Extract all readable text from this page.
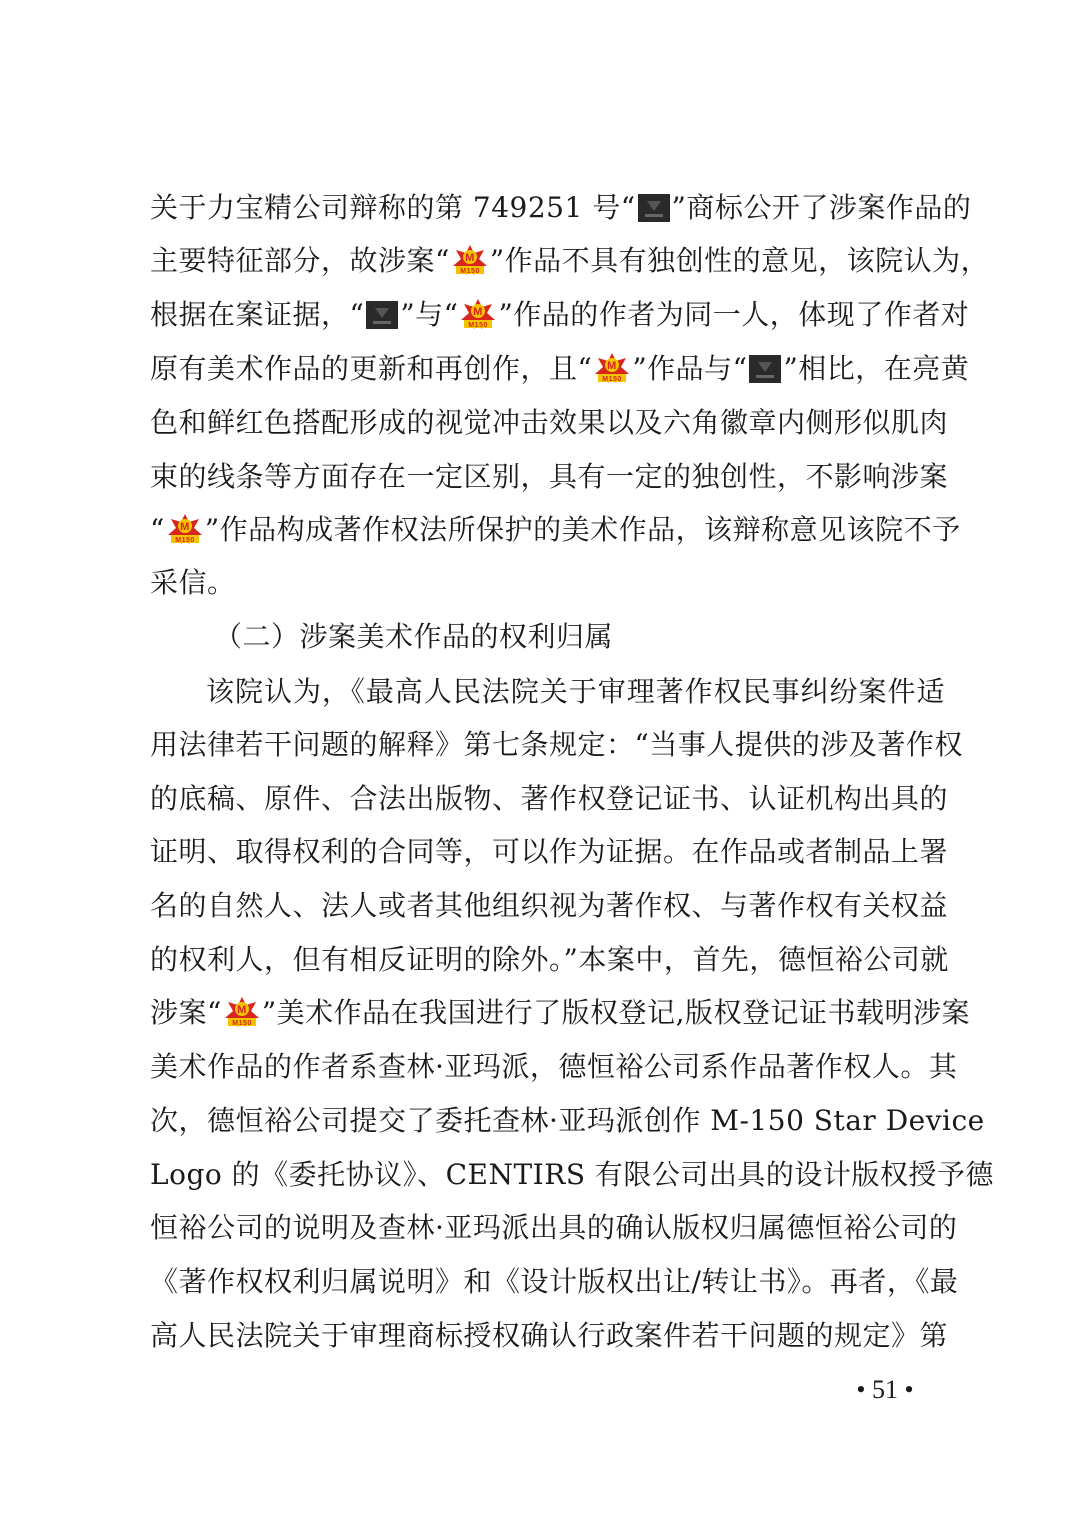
关于力宝精公司辩称的第 749251 号“ ”商标公开了涉案作品的
主要特征部分，故涉案“ M
M150 ”作品不具有独创性的意见，该院认为，
根据在案证据，“ ”与“ M
M150 ”作品的作者为同一人，体现了作者对
原有美术作品的更新和再创作，且“ M
M150 ”作品与“ ”相比，在亮黄
色和鲜红色搭配形成的视觉冲击效果以及六角徽章内侧形似肌肉
束的线条等方面存在一定区别，具有一定的独创性，不影响涉案
“ M
M150 ”作品构成著作权法所保护的美术作品，该辩称意见该院不予
采信。
（二）涉案美术作品的权利归属
该院认为，《最高人民法院关于审理著作权民事纠纷案件适
用法律若干问题的解释》第七条规定：“当事人提供的涉及著作权
的底稿、原件、合法出版物、著作权登记证书、认证机构出具的
证明、取得权利的合同等，可以作为证据。在作品或者制品上署
名的自然人、法人或者其他组织视为著作权、与著作权有关权益
的权利人，但有相反证明的除外。”本案中，首先，德恒裕公司就
涉案“ M
M150 ”美术作品在我国进行了版权登记,版权登记证书载明涉案
美术作品的作者系查林·亚玛派，德恒裕公司系作品著作权人。其
次，德恒裕公司提交了委托查林·亚玛派创作 M-150 Star Device
Logo 的《委托协议》、CENTIRS 有限公司出具的设计版权授予德
恒裕公司的说明及查林·亚玛派出具的确认版权归属德恒裕公司的
《著作权权利归属说明》和《设计版权出让/转让书》。再者，《最
高人民法院关于审理商标授权确认行政案件若干问题的规定》第
• 51 •
